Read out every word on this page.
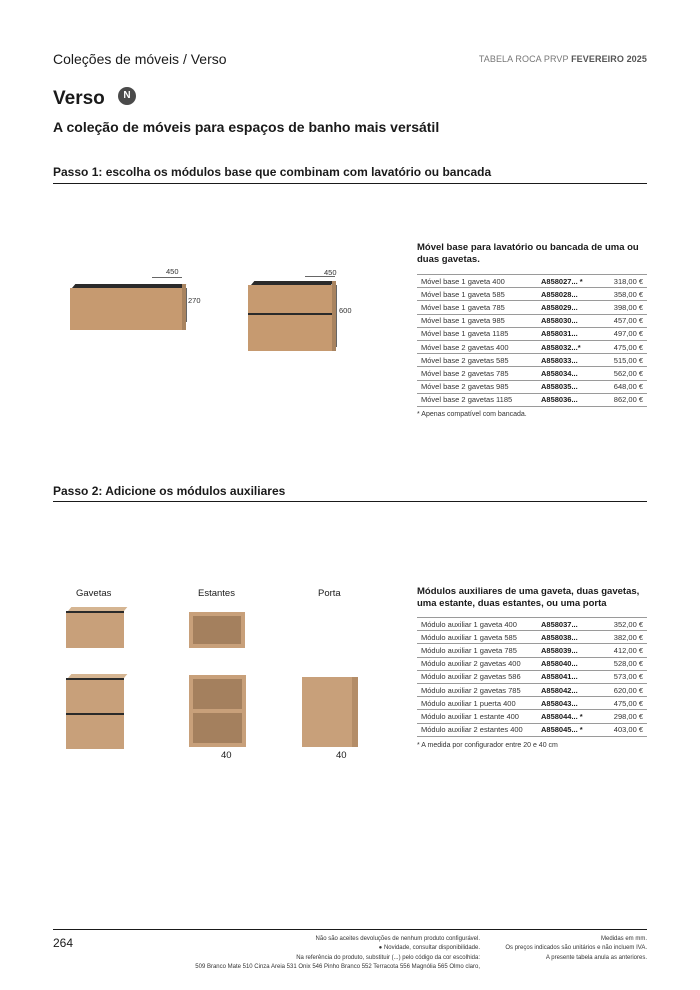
Coleções de móveis / Verso	TABELA ROCA PRVP FEVEREIRO 2025
Verso	N
A coleção de móveis para espaços de banho mais versátil
Passo 1: escolha os módulos base que combinam com lavatório ou bancada
450
270
450
600
Móvel base para lavatório ou bancada de uma ou duas gavetas.
Móvel base 1 gaveta 400	A858027... *	318,00 €
Móvel base 1 gaveta 585	A858028...	358,00 €
Móvel base 1 gaveta 785	A858029...	398,00 €
Móvel base 1 gaveta 985	A858030...	457,00 €
Móvel base 1 gaveta 1185	A858031...	497,00 €
Móvel base 2 gavetas 400	A858032...*	475,00 €
Móvel base 2 gavetas 585	A858033...	515,00 €
Móvel base 2 gavetas 785	A858034...	562,00 €
Móvel base 2 gavetas 985	A858035...	648,00 €
Móvel base 2 gavetas 1185	A858036...	862,00 €
* Apenas compatível com bancada.
Passo 2: Adicione os módulos auxiliares
Gavetas	Estantes	Porta
40	40
Módulos auxiliares de uma gaveta, duas gavetas, uma estante, duas estantes, ou uma porta
Módulo auxiliar 1 gaveta 400	A858037...	352,00 €
Módulo auxiliar 1 gaveta 585	A858038...	382,00 €
Módulo auxiliar 1 gaveta 785	A858039...	412,00 €
Módulo auxiliar 2 gavetas 400	A858040...	528,00 €
Módulo auxiliar 2 gavetas 586	A858041...	573,00 €
Módulo auxiliar 2 gavetas 785	A858042...	620,00 €
Módulo auxiliar 1 puerta 400	A858043...	475,00 €
Módulo auxiliar 1 estante 400	A858044... *	298,00 €
Módulo auxiliar 2 estantes 400	A858045... *	403,00 €
* A medida por configurador entre 20 e 40 cm
264	Não são aceites devoluções de nenhum produto configurável.
● Novidade, consultar disponibilidade.
Na referência do produto, substituir (...) pelo código da cor escolhida:
509 Branco Mate 510 Cinza Areia 531 Onix 546 Pinho Branco 552 Terracota 556 Magnólia 565 Olmo claro,
Medidas em mm.
Os preços indicados são unitários e não incluem IVA.
A presente tabela anula as anteriores.
